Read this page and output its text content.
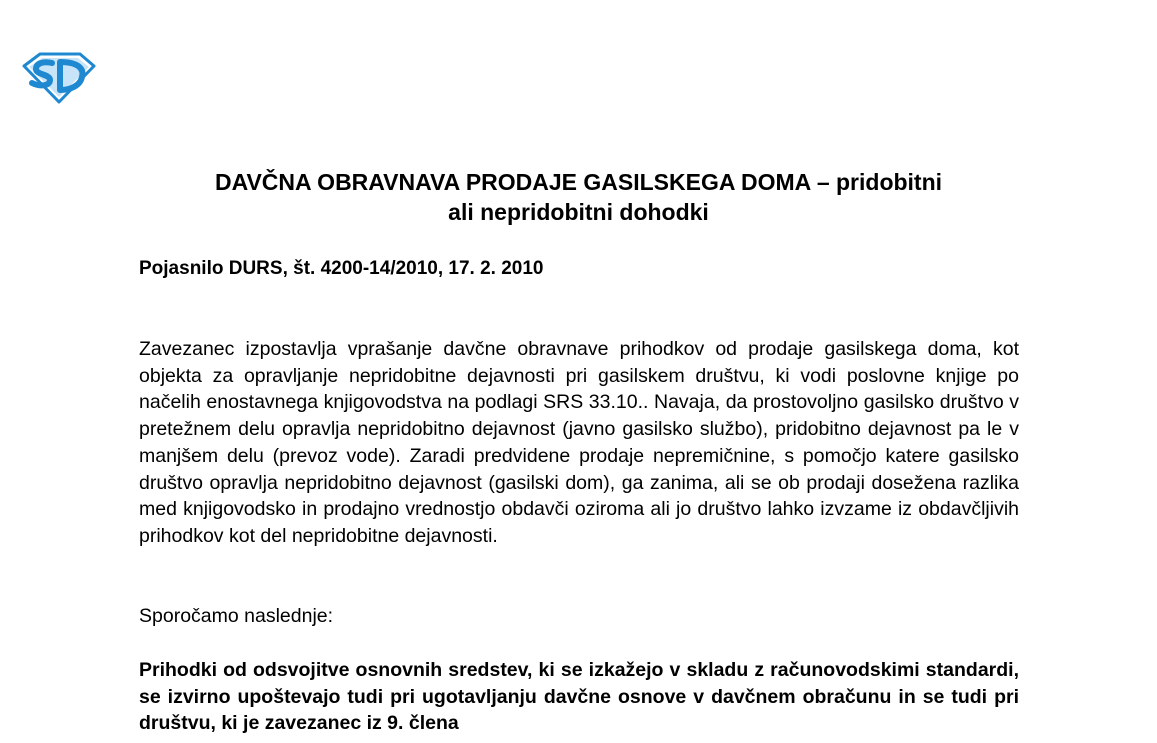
DAVČNA OBRAVNAVA PRODAJE GASILSKEGA DOMA – pridobitni
ali nepridobitni dohodki

Pojasnilo DURS, št. 4200-14/2010, 17. 2. 2010

Zavezanec izpostavlja vprašanje davčne obravnave prihodkov od prodaje gasilskega doma, kot objekta za opravljanje nepridobitne dejavnosti pri gasilskem društvu, ki vodi poslovne knjige po načelih enostavnega knjigovodstva na podlagi SRS 33.10.. Navaja, da prostovoljno gasilsko društvo v pretežnem delu opravlja nepridobitno dejavnost (javno gasilsko službo), pridobitno dejavnost pa le v manjšem delu (prevoz vode). Zaradi predvidene prodaje nepremičnine, s pomočjo katere gasilsko društvo opravlja nepridobitno dejavnost (gasilski dom), ga zanima, ali se ob prodaji dosežena razlika med knjigovodsko in prodajno vrednostjo obdavči oziroma ali jo društvo lahko izvzame iz obdavčljivih prihodkov kot del nepridobitne dejavnosti.

Sporočamo naslednje:

Prihodki od odsvojitve osnovnih sredstev, ki se izkažejo v skladu z računovodskimi standardi, se izvirno upoštevajo tudi pri ugotavljanju davčne osnove v davčnem obračunu in se tudi pri društvu, ki je zavezanec iz 9. člena
